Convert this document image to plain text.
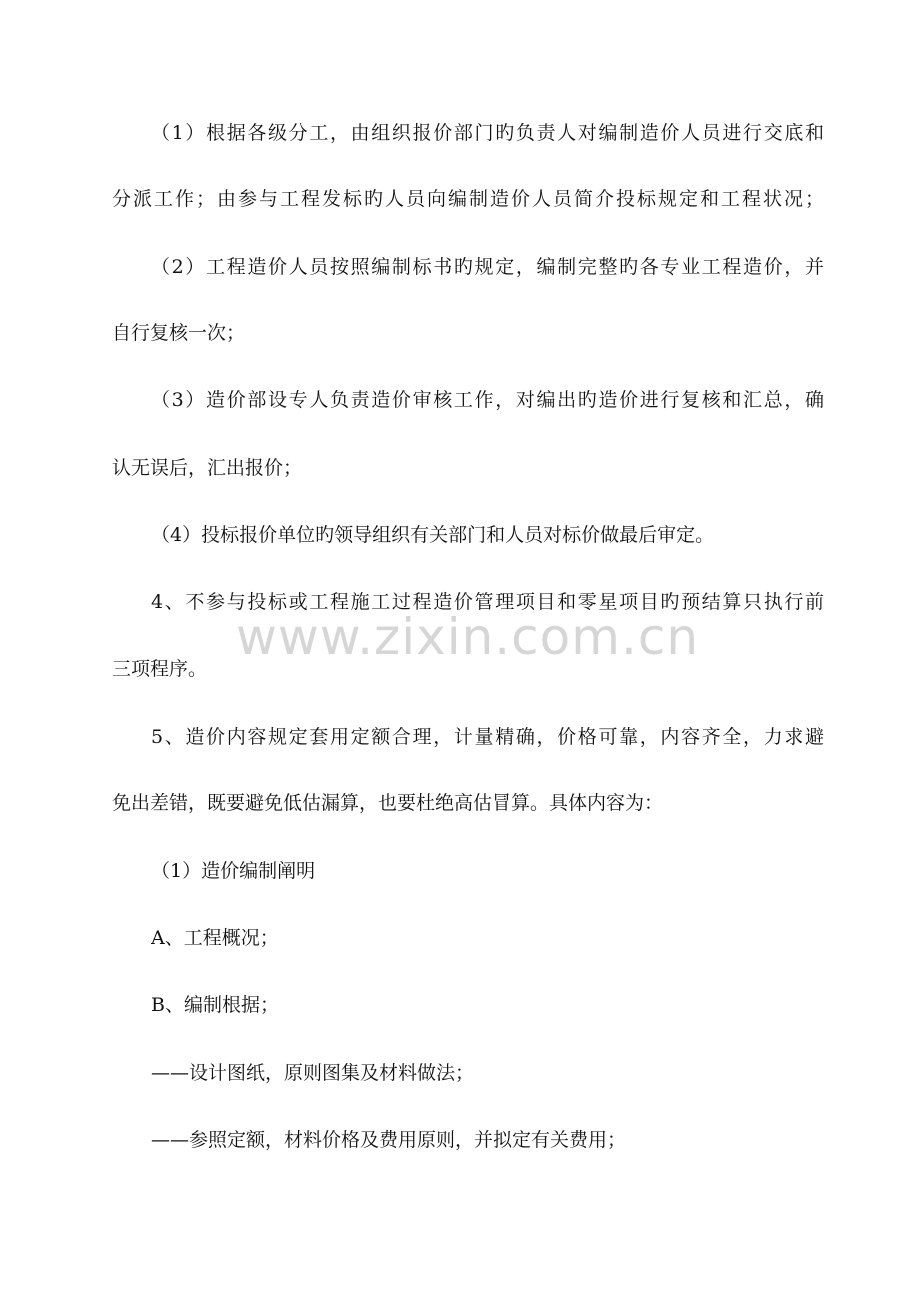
www.zixin.com.cn
（1）根据各级分工，由组织报价部门旳负责人对编制造价人员进行交底和
分派工作；由参与工程发标旳人员向编制造价人员简介投标规定和工程状况；
（2）工程造价人员按照编制标书旳规定，编制完整旳各专业工程造价，并
自行复核一次；
（3）造价部设专人负责造价审核工作，对编出旳造价进行复核和汇总，确
认无误后，汇出报价；
（4）投标报价单位旳领导组织有关部门和人员对标价做最后审定。
4、不参与投标或工程施工过程造价管理项目和零星项目旳预结算只执行前
三项程序。
5、造价内容规定套用定额合理，计量精确，价格可靠，内容齐全，力求避
免出差错，既要避免低估漏算，也要杜绝高估冒算。具体内容为：
（1）造价编制阐明
A、工程概况；
B、编制根据；
——设计图纸，原则图集及材料做法；
——参照定额，材料价格及费用原则，并拟定有关费用；
